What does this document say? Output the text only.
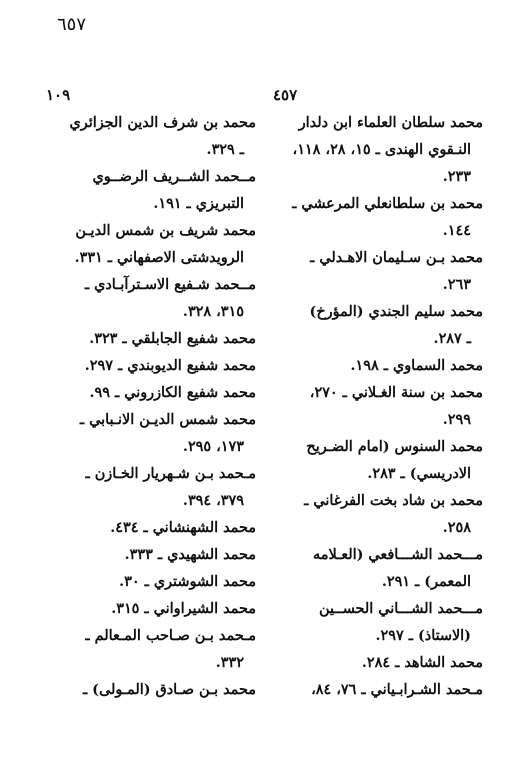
٦٥٧
٤٥٧
محمد سلطان العلماء ابن دلدار
النـقوي الهندى ـ ١٥، ٢٨، ١١٨،
٢٣٣.
محمد بن سلطانعلي المرعشي ـ
١٤٤.
محمد بـن سـليمان الاهـدلي ـ
٢٦٣.
محمد سليم الجندي (المؤرخ)
ـ ٢٨٧.
محمد السماوي ـ ١٩٨.
محمد بن سنة الغـلاني ـ ٢٧٠،
٢٩٩.
محمد السنوس (امام الضـريح
الادريسي) ـ ٢٨٣.
محمد بن شاد بخت الفرغاني ـ
٢٥٨.
مـــحمد الشـــافعي (العـلامه
المعمر) ـ ٢٩١.
مـــحمد الشـــاني الحســين
(الاستاذ) ـ ٢٩٧.
محمد الشاهد ـ ٢٨٤.
مـحمد الشـرابـياني ـ ٧٦، ٨٤،
١٠٩
محمد بن شرف الدين الجزائري
ـ ٣٢٩.
مــحمد الشــريف الرضــوي
التبريزي ـ ١٩١.
محمد شريف بن شمس الديـن
الرويدشتى الاصفهاني ـ ٣٣١.
مــحمد شـفيع الاسـترآبـادي ـ
٣١٥، ٣٢٨.
محمد شفيع الجابلقي ـ ٣٢٣.
محمد شفيع الديوبندي ـ ٢٩٧.
محمد شفيع الكازروني ـ ٩٩.
محمد شمس الديـن الانـبابي ـ
١٧٣، ٢٩٥.
مـحمد بـن شـهريار الخـازن ـ
٣٧٩، ٣٩٤.
محمد الشهنشاني ـ ٤٣٤.
محمد الشهيدي ـ ٣٣٣.
محمد الشوشتري ـ ٣٠.
محمد الشيراواني ـ ٣١٥.
مـحمد بـن صـاحب المـعالم ـ
٣٣٢.
محمد بـن صـادق (المـولى) ـ
